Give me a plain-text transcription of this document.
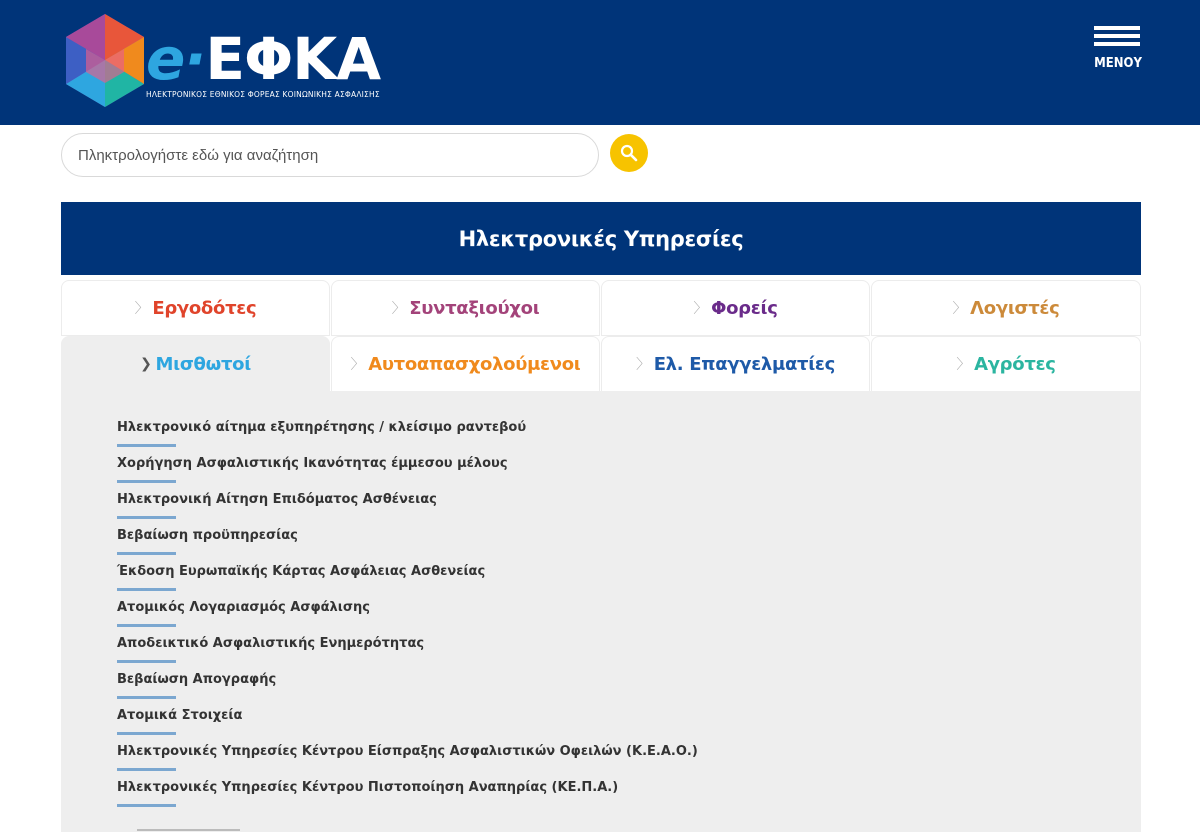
e·ΕΦΚΑ
ΗΛΕΚΤΡΟΝΙΚΟΣ ΕΘΝΙΚΟΣ ΦΟΡΕΑΣ ΚΟΙΝΩΝΙΚΗΣ ΑΣΦΑΛΙΣΗΣ
ΜΕΝΟΥ
Πληκτρολογήστε εδώ για αναζήτηση
Ηλεκτρονικές Υπηρεσίες
〉 Εργοδότες	〉 Συνταξιούχοι	〉 Φορείς	〉 Λογιστές
❯ Μισθωτοί	〉 Αυτοαπασχολούμενοι	〉 Ελ. Επαγγελματίες	〉 Αγρότες
Ηλεκτρονικό αίτημα εξυπηρέτησης / κλείσιμο ραντεβού
Χορήγηση Ασφαλιστικής Ικανότητας έμμεσου μέλους
Ηλεκτρονική Αίτηση Επιδόματος Ασθένειας
Βεβαίωση προϋπηρεσίας
Έκδοση Ευρωπαϊκής Κάρτας Ασφάλειας Ασθενείας
Ατομικός Λογαριασμός Ασφάλισης
Αποδεικτικό Ασφαλιστικής Ενημερότητας
Βεβαίωση Απογραφής
Ατομικά Στοιχεία
Ηλεκτρονικές Υπηρεσίες Κέντρου Είσπραξης Ασφαλιστικών Οφειλών (Κ.Ε.Α.Ο.)
Ηλεκτρονικές Υπηρεσίες Κέντρου Πιστοποίηση Αναπηρίας (ΚΕ.Π.Α.)
